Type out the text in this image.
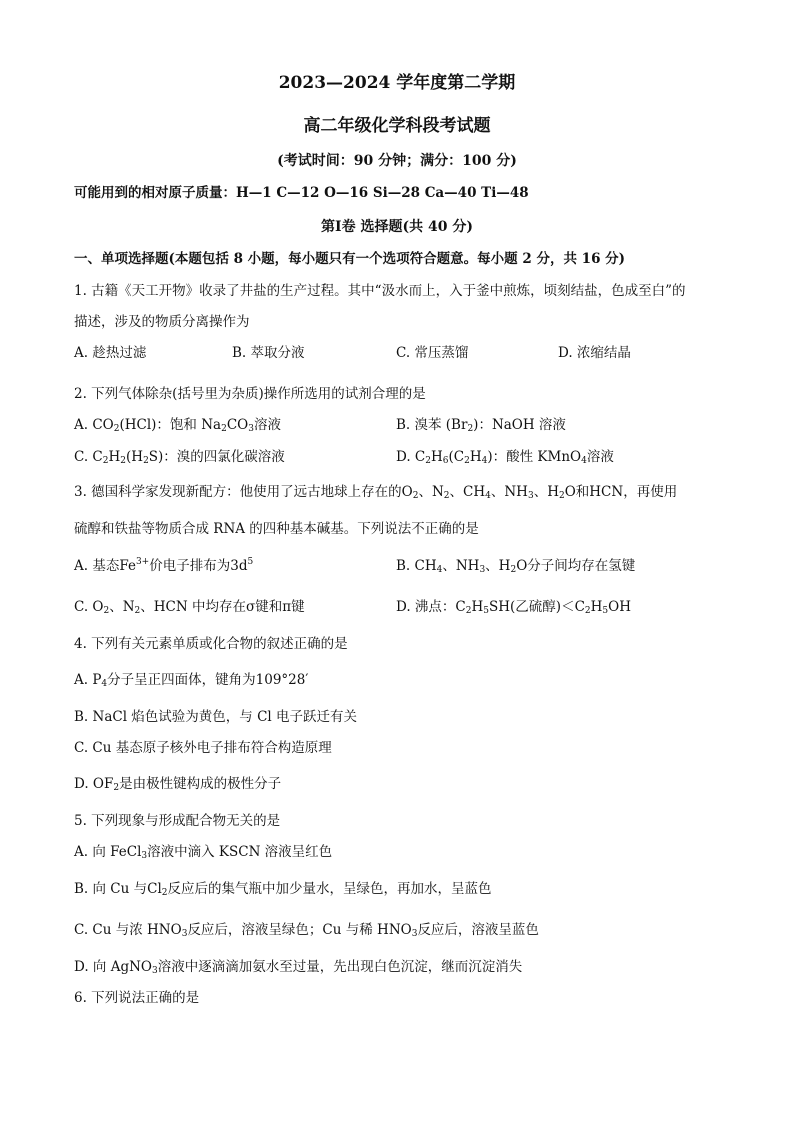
2023—2024 学年度第二学期
高二年级化学科段考试题
(考试时间：90 分钟；满分：100 分)
可能用到的相对原子质量：H—1 C—12 O—16 Si—28 Ca—40 Ti—48
第Ⅰ卷 选择题(共 40 分)
一、单项选择题(本题包括 8 小题，每小题只有一个选项符合题意。每小题 2 分，共 16 分)
1. 古籍《天工开物》收录了井盐的生产过程。其中“汲水而上，入于釜中煎炼，顷刻结盐，色成至白”的
描述，涉及的物质分离操作为
A. 趁热过滤	B. 萃取分液	C. 常压蒸馏	D. 浓缩结晶
2. 下列气体除杂(括号里为杂质)操作所选用的试剂合理的是
A. $CO_2(HCl)$：饱和 $Na_2CO_3$溶液	B. 溴苯 $(Br_2)$：NaOH 溶液
C. $C_2H_2(H_2S)$：溴的四氯化碳溶液	D. $C_2H_6(C_2H_4)$：酸性 KMnO$_4$溶液
3. 德国科学家发现新配方：他使用了远古地球上存在的$O_2$、$N_2$、$CH_4$、$NH_3$、$H_2O$和HCN，再使用
硫醇和铁盐等物质合成 RNA 的四种基本碱基。下列说法不正确的是
A. 基态$Fe^{3+}$价电子排布为$3d^5$	B. $CH_4$、$NH_3$、$H_2O$分子间均存在氢键
C. $O_2$、$N_2$、HCN 中均存在σ键和π键	D. 沸点：$C_2H_5SH$(乙硫醇)$<C_2H_5OH$
4. 下列有关元素单质或化合物的叙述正确的是
A. $P_4$分子呈正四面体，键角为109°28′
B. NaCl 焰色试验为黄色，与 Cl 电子跃迁有关
C. Cu 基态原子核外电子排布符合构造原理
D. $OF_2$是由极性键构成的极性分子
5. 下列现象与形成配合物无关的是
A. 向 FeCl$_3$溶液中滴入 KSCN 溶液呈红色
B. 向 Cu 与$Cl_2$反应后的集气瓶中加少量水，呈绿色，再加水，呈蓝色
C. Cu 与浓 $HNO_3$反应后，溶液呈绿色；Cu 与稀 $HNO_3$反应后，溶液呈蓝色
D. 向 AgNO$_3$溶液中逐滴滴加氨水至过量，先出现白色沉淀，继而沉淀消失
6. 下列说法正确的是
